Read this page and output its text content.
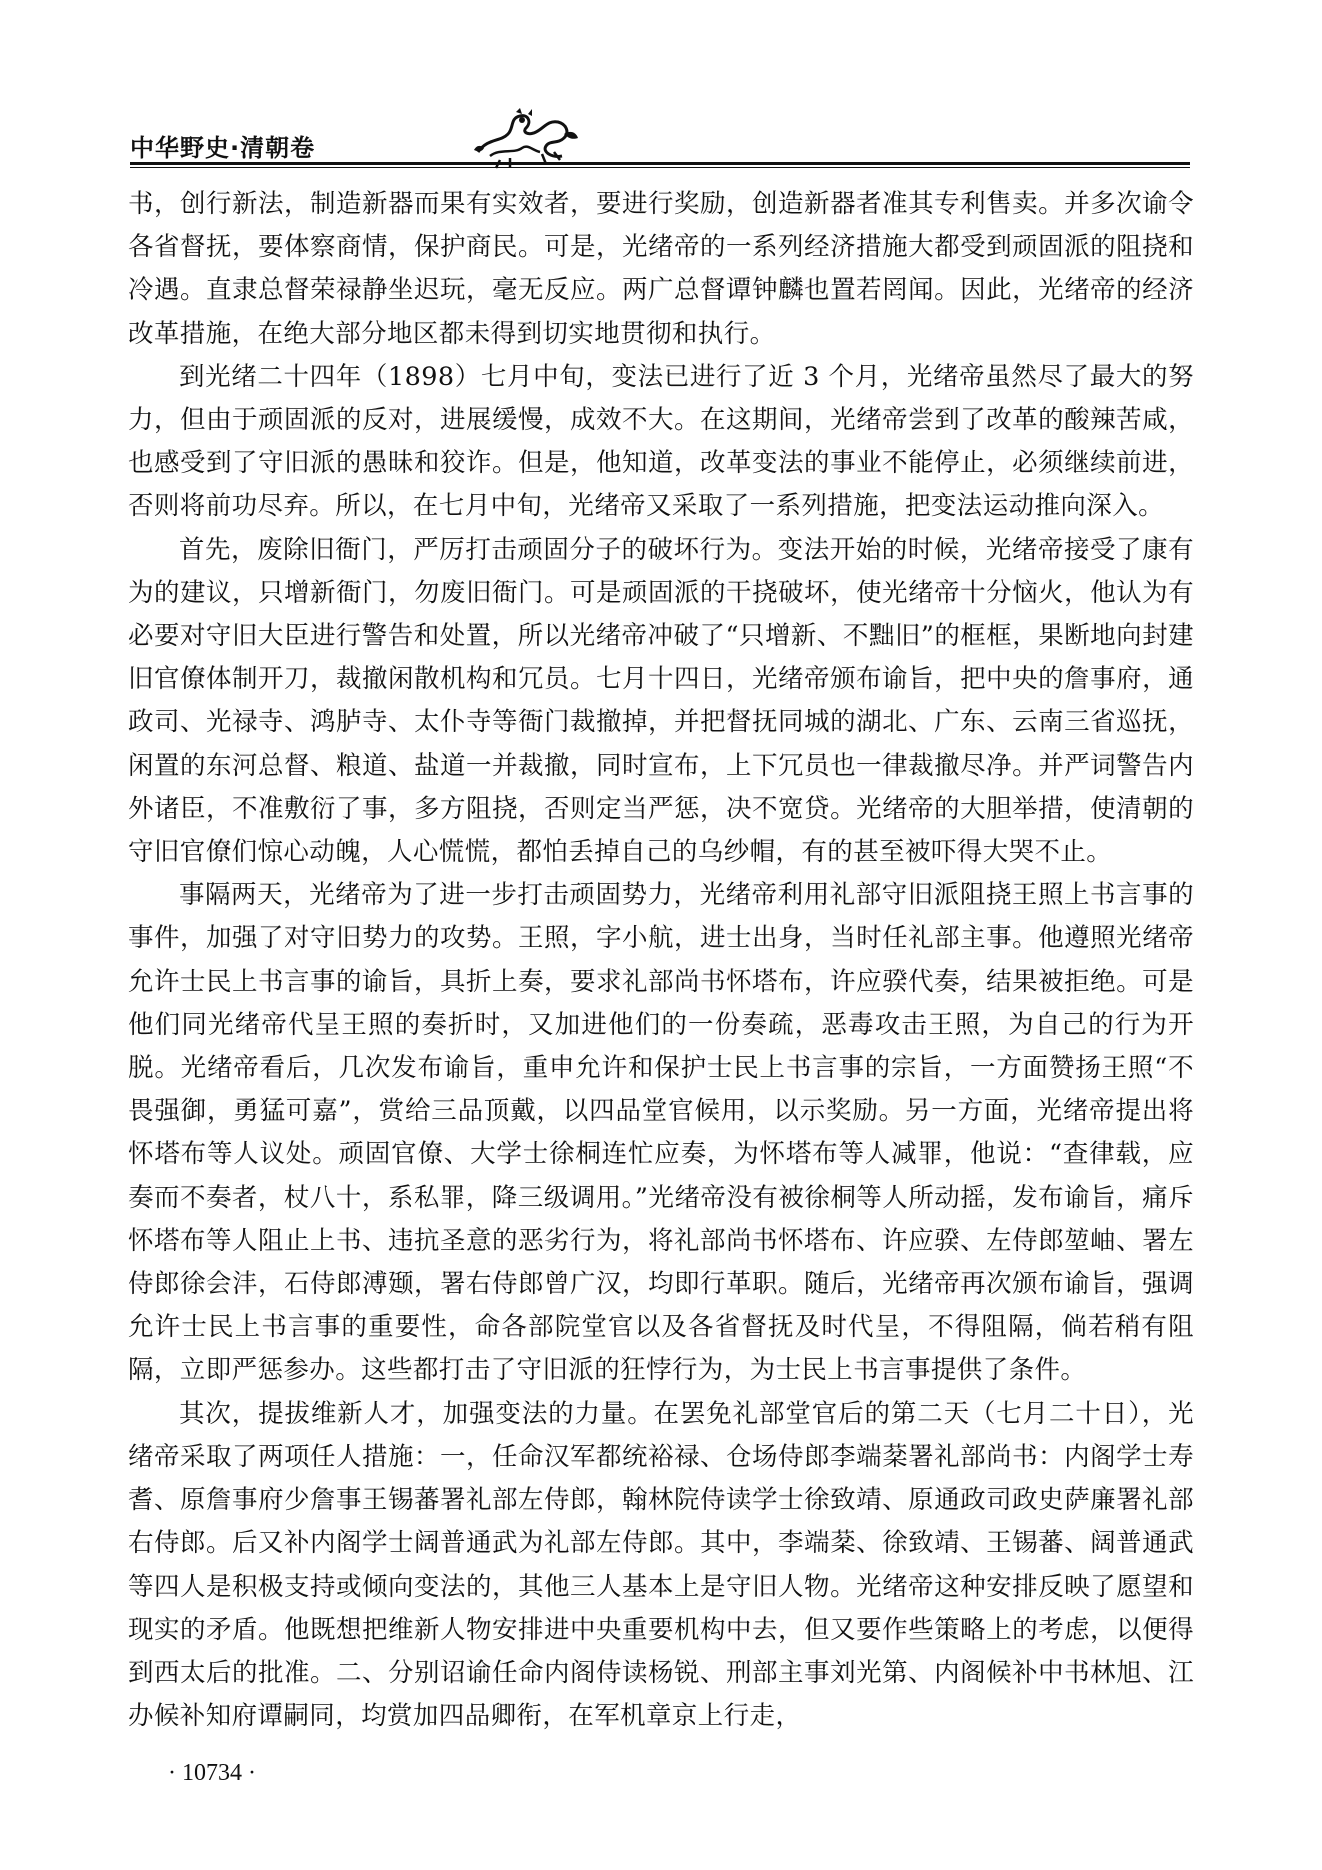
中华野史·清朝卷

书，创行新法，制造新器而果有实效者，要进行奖励，创造新器者准其专利售卖。并多次谕令各省督抚，要体察商情，保护商民。可是，光绪帝的一系列经济措施大都受到顽固派的阻挠和冷遇。直隶总督荣禄静坐迟玩，毫无反应。两广总督谭钟麟也置若罔闻。因此，光绪帝的经济改革措施，在绝大部分地区都未得到切实地贯彻和执行。

到光绪二十四年（1898）七月中旬，变法已进行了近 3 个月，光绪帝虽然尽了最大的努力，但由于顽固派的反对，进展缓慢，成效不大。在这期间，光绪帝尝到了改革的酸辣苦咸，也感受到了守旧派的愚昧和狡诈。但是，他知道，改革变法的事业不能停止，必须继续前进，否则将前功尽弃。所以，在七月中旬，光绪帝又采取了一系列措施，把变法运动推向深入。

首先，废除旧衙门，严厉打击顽固分子的破坏行为。变法开始的时候，光绪帝接受了康有为的建议，只增新衙门，勿废旧衙门。可是顽固派的干挠破坏，使光绪帝十分恼火，他认为有必要对守旧大臣进行警告和处置，所以光绪帝冲破了“只增新、不黜旧”的框框，果断地向封建旧官僚体制开刀，裁撤闲散机构和冗员。七月十四日，光绪帝颁布谕旨，把中央的詹事府，通政司、光禄寺、鸿胪寺、太仆寺等衙门裁撤掉，并把督抚同城的湖北、广东、云南三省巡抚，闲置的东河总督、粮道、盐道一并裁撤，同时宣布，上下冗员也一律裁撤尽净。并严词警告内外诸臣，不准敷衍了事，多方阻挠，否则定当严惩，决不宽贷。光绪帝的大胆举措，使清朝的守旧官僚们惊心动魄，人心慌慌，都怕丢掉自己的乌纱帽，有的甚至被吓得大哭不止。

事隔两天，光绪帝为了进一步打击顽固势力，光绪帝利用礼部守旧派阻挠王照上书言事的事件，加强了对守旧势力的攻势。王照，字小航，进士出身，当时任礼部主事。他遵照光绪帝允许士民上书言事的谕旨，具折上奏，要求礼部尚书怀塔布，许应骙代奏，结果被拒绝。可是他们同光绪帝代呈王照的奏折时，又加进他们的一份奏疏，恶毒攻击王照，为自己的行为开脱。光绪帝看后，几次发布谕旨，重申允许和保护士民上书言事的宗旨，一方面赞扬王照“不畏强御，勇猛可嘉”，赏给三品顶戴，以四品堂官候用，以示奖励。另一方面，光绪帝提出将怀塔布等人议处。顽固官僚、大学士徐桐连忙应奏，为怀塔布等人减罪，他说：“查律载，应奏而不奏者，杖八十，系私罪，降三级调用。”光绪帝没有被徐桐等人所动摇，发布谕旨，痛斥怀塔布等人阻止上书、违抗圣意的恶劣行为，将礼部尚书怀塔布、许应骙、左侍郎堃岫、署左侍郎徐会沣，石侍郎溥颋，署右侍郎曾广汉，均即行革职。随后，光绪帝再次颁布谕旨，强调允许士民上书言事的重要性，命各部院堂官以及各省督抚及时代呈，不得阻隔，倘若稍有阻隔，立即严惩参办。这些都打击了守旧派的狂悖行为，为士民上书言事提供了条件。

其次，提拔维新人才，加强变法的力量。在罢免礼部堂官后的第二天（七月二十日），光绪帝采取了两项任人措施：一，任命汉军都统裕禄、仓场侍郎李端棻署礼部尚书：内阁学士寿耆、原詹事府少詹事王锡蕃署礼部左侍郎，翰林院侍读学士徐致靖、原通政司政史萨廉署礼部右侍郎。后又补内阁学士阔普通武为礼部左侍郎。其中，李端棻、徐致靖、王锡蕃、阔普通武等四人是积极支持或倾向变法的，其他三人基本上是守旧人物。光绪帝这种安排反映了愿望和现实的矛盾。他既想把维新人物安排进中央重要机构中去，但又要作些策略上的考虑，以便得到西太后的批准。二、分别诏谕任命内阁侍读杨锐、刑部主事刘光第、内阁候补中书林旭、江办候补知府谭嗣同，均赏加四品卿衔，在军机章京上行走，

· 10734 ·
